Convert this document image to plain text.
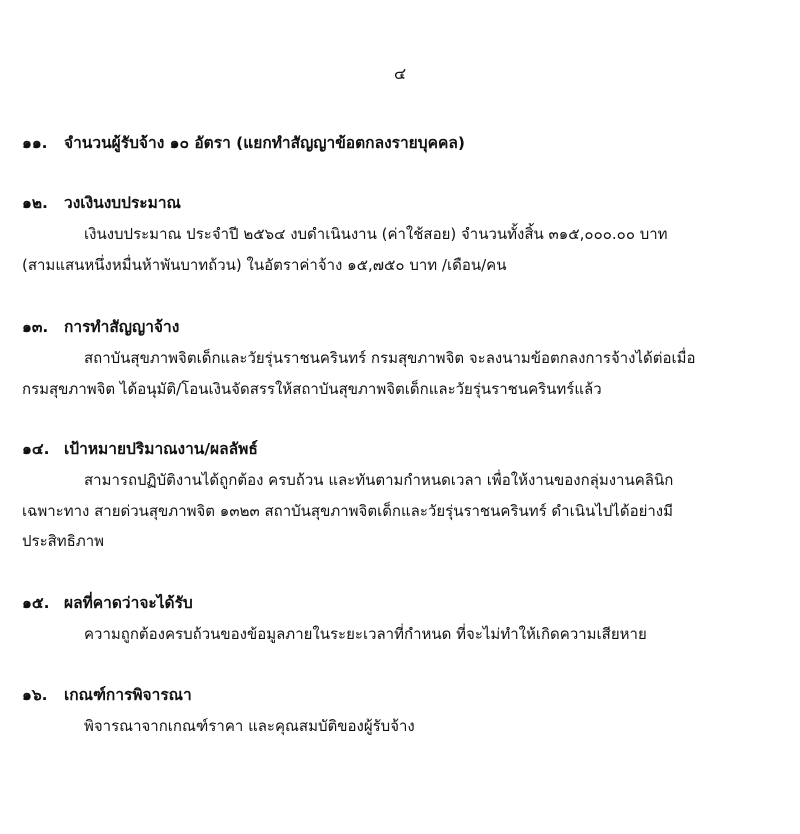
๔
๑๑. จำนวนผู้รับจ้าง ๑๐ อัตรา (แยกทำสัญญาข้อตกลงรายบุคคล)
๑๒. วงเงินงบประมาณ
เงินงบประมาณ ประจำปี ๒๕๖๔ งบดำเนินงาน (ค่าใช้สอย) จำนวนทั้งสิ้น ๓๑๕,๐๐๐.๐๐ บาท
(สามแสนหนึ่งหมื่นห้าพันบาทถ้วน) ในอัตราค่าจ้าง ๑๕,๗๕๐ บาท /เดือน/คน
๑๓. การทำสัญญาจ้าง
สถาบันสุขภาพจิตเด็กและวัยรุ่นราชนครินทร์ กรมสุขภาพจิต จะลงนามข้อตกลงการจ้างได้ต่อเมื่อ
กรมสุขภาพจิต ได้อนุมัติ/โอนเงินจัดสรรให้สถาบันสุขภาพจิตเด็กและวัยรุ่นราชนครินทร์แล้ว
๑๔. เป้าหมายปริมาณงาน/ผลลัพธ์
สามารถปฏิบัติงานได้ถูกต้อง ครบถ้วน และทันตามกำหนดเวลา เพื่อให้งานของกลุ่มงานคลินิก
เฉพาะทาง สายด่วนสุขภาพจิต ๑๓๒๓ สถาบันสุขภาพจิตเด็กและวัยรุ่นราชนครินทร์ ดำเนินไปได้อย่างมี
ประสิทธิภาพ
๑๕. ผลที่คาดว่าจะได้รับ
ความถูกต้องครบถ้วนของข้อมูลภายในระยะเวลาที่กำหนด ที่จะไม่ทำให้เกิดความเสียหาย
๑๖. เกณฑ์การพิจารณา
พิจารณาจากเกณฑ์ราคา และคุณสมบัติของผู้รับจ้าง
